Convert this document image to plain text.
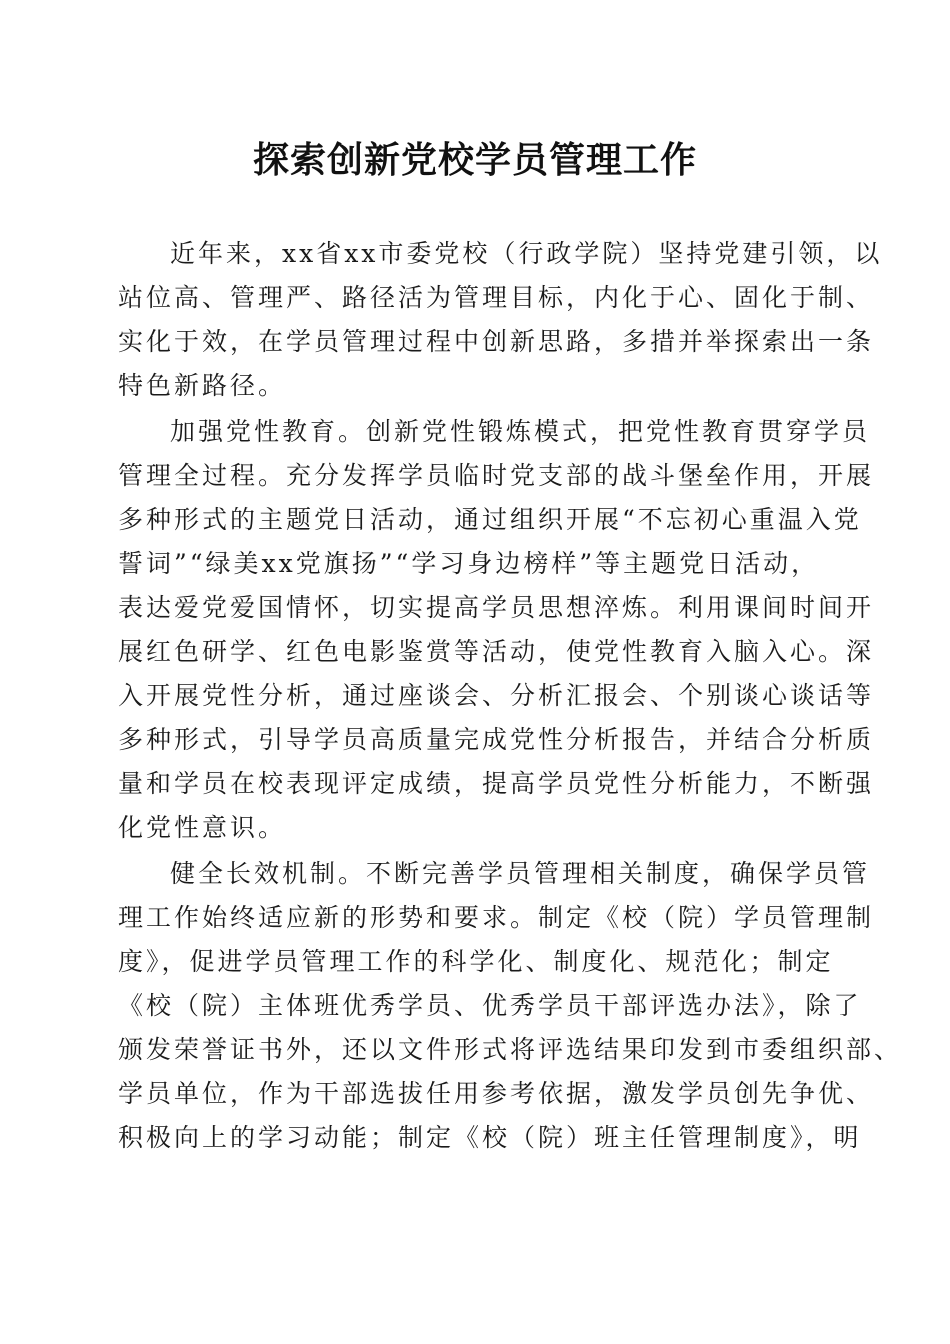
探索创新党校学员管理工作
近年来，xx省xx市委党校（行政学院）坚持党建引领，以
站位高、管理严、路径活为管理目标，内化于心、固化于制、
实化于效，在学员管理过程中创新思路，多措并举探索出一条
特色新路径。
加强党性教育。创新党性锻炼模式，把党性教育贯穿学员
管理全过程。充分发挥学员临时党支部的战斗堡垒作用，开展
多种形式的主题党日活动，通过组织开展“不忘初心重温入党
誓词”“绿美xx党旗扬”“学习身边榜样”等主题党日活动，
表达爱党爱国情怀，切实提高学员思想淬炼。利用课间时间开
展红色研学、红色电影鉴赏等活动，使党性教育入脑入心。深
入开展党性分析，通过座谈会、分析汇报会、个别谈心谈话等
多种形式，引导学员高质量完成党性分析报告，并结合分析质
量和学员在校表现评定成绩，提高学员党性分析能力，不断强
化党性意识。
健全长效机制。不断完善学员管理相关制度，确保学员管
理工作始终适应新的形势和要求。制定《校（院）学员管理制
度》，促进学员管理工作的科学化、制度化、规范化；制定
《校（院）主体班优秀学员、优秀学员干部评选办法》，除了
颁发荣誉证书外，还以文件形式将评选结果印发到市委组织部、
学员单位，作为干部选拔任用参考依据，激发学员创先争优、
积极向上的学习动能；制定《校（院）班主任管理制度》，明
